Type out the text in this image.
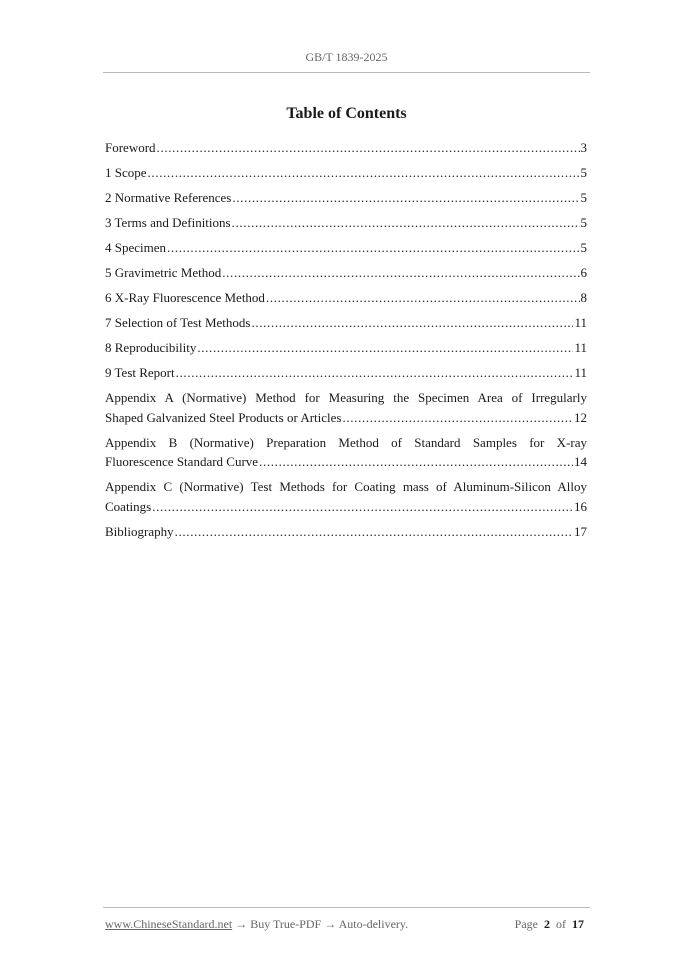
GB/T 1839-2025
Table of Contents
Foreword . . .	3
1 Scope . . .	5
2 Normative References . . .	5
3 Terms and Definitions . . .	5
4 Specimen . . .	5
5 Gravimetric Method . . .	6
6 X-Ray Fluorescence Method . . .	8
7 Selection of Test Methods . . .	11
8 Reproducibility . . .	11
9 Test Report . . .	11
Appendix A (Normative) Method for Measuring the Specimen Area of Irregularly
Shaped Galvanized Steel Products or Articles . . .	12
Appendix B (Normative) Preparation Method of Standard Samples for X-ray
Fluorescence Standard Curve . . .	14
Appendix C (Normative) Test Methods for Coating mass of Aluminum-Silicon Alloy
Coatings . . .	16
Bibliography . . .	17
www.ChineseStandard.net → Buy True-PDF → Auto-delivery.	Page 2 of 17
